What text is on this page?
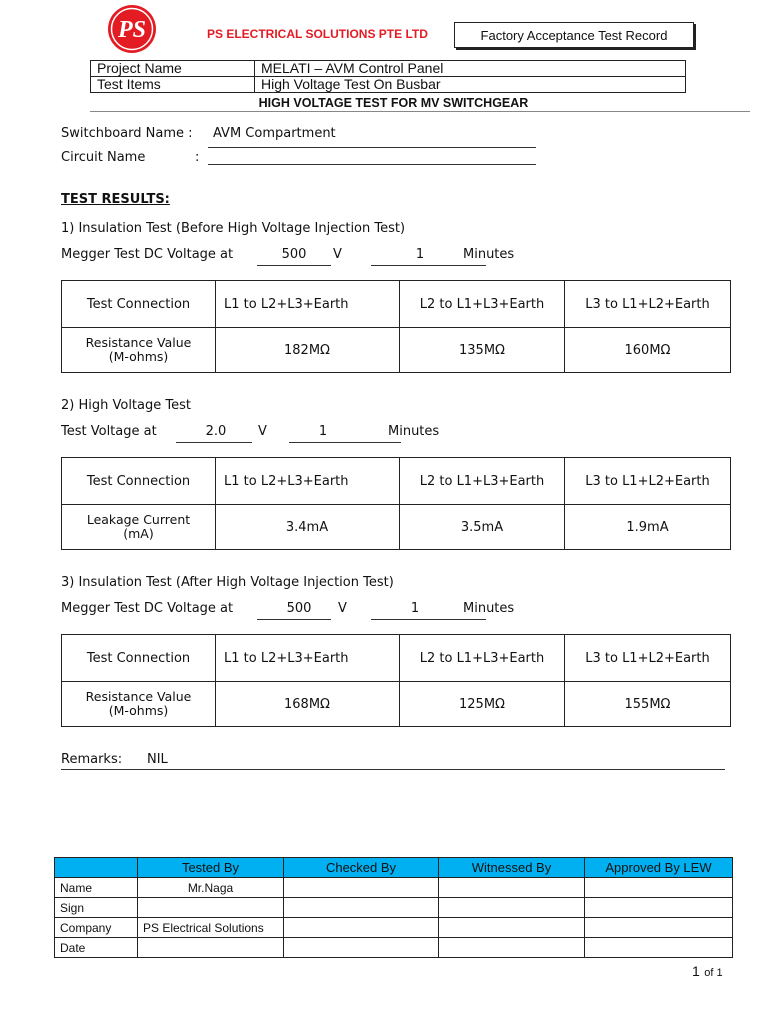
PS	PS ELECTRICAL SOLUTIONS PTE LTD	Factory Acceptance Test Record
Project Name	MELATI – AVM Control Panel
Test Items	High Voltage Test On Busbar
HIGH VOLTAGE TEST FOR MV SWITCHGEAR
Switchboard Name : AVM Compartment
Circuit Name	:
TEST RESULTS:
1) Insulation Test (Before High Voltage Injection Test)
Megger Test DC Voltage at	500	V	1	Minutes
Test Connection	L1 to L2+L3+Earth	L2 to L1+L3+Earth	L3 to L1+L2+Earth
Resistance Value
(M-ohms)	182MΩ	135MΩ	160MΩ
2) High Voltage Test
Test Voltage at	2.0	V	1	Minutes
Test Connection	L1 to L2+L3+Earth	L2 to L1+L3+Earth	L3 to L1+L2+Earth
Leakage Current
(mA)	3.4mA	3.5mA	1.9mA
3) Insulation Test (After High Voltage Injection Test)
Megger Test DC Voltage at	500	V	1	Minutes
Test Connection	L1 to L2+L3+Earth	L2 to L1+L3+Earth	L3 to L1+L2+Earth
Resistance Value
(M-ohms)	168MΩ	125MΩ	155MΩ
Remarks: NIL
	Tested By	Checked By	Witnessed By	Approved By LEW
Name	Mr.Naga			
Sign				
Company	PS Electrical Solutions			
Date				
1 of 1
